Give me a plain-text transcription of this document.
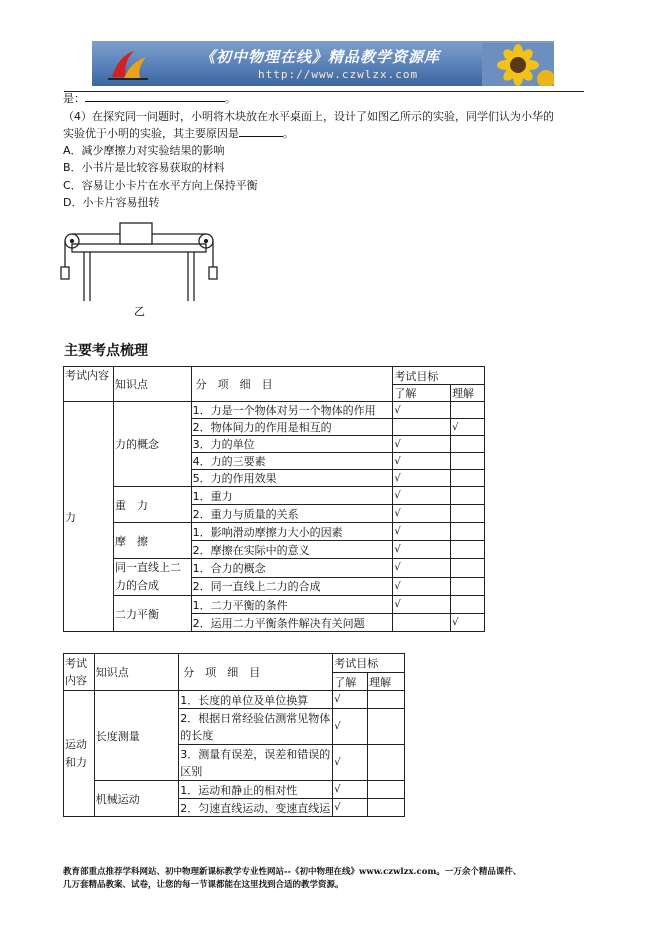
《初中物理在线》精品教学资源库
http://www.czwlzx.com
是：	。
（4）在探究同一问题时，小明将木块放在水平桌面上，设计了如图乙所示的实验，同学们认为小华的
实验优于小明的实验，其主要原因是	。
A．减少摩擦力对实验结果的影响
B．小书片是比较容易获取的材料
C．容易让小卡片在水平方向上保持平衡
D．小卡片容易扭转
乙
主要考点梳理
考试内容	知识点	分　项　细　目	考试目标	
			了解	理解
力	力的概念	1．力是一个物体对另一个物体的作用	√	
		2．物体间力的作用是相互的		√
		3．力的单位	√	
		4．力的三要素	√	
		5．力的作用效果	√	
	重　力	1．重力	√	
		2．重力与质量的关系	√	
	摩　擦	1．影响滑动摩擦力大小的因素	√	
		2．摩擦在实际中的意义	√	
	同一直线上二力的合成	1．合力的概念	√	
		2．同一直线上二力的合成	√	
	二力平衡	1．二力平衡的条件	√	
		2．运用二力平衡条件解决有关问题		√
考试内容	知识点	分　项　细　目	考试目标	
			了解	理解
运动和力	长度测量	1．长度的单位及单位换算	√	
		2．根据日常经验估测常见物体的长度	√	
		3．测量有误差，误差和错误的区别	√	
	机械运动	1．运动和静止的相对性	√	
		2．匀速直线运动、变速直线运	√	
教育部重点推荐学科网站、初中物理新课标教学专业性网站--《初中物理在线》www.czwlzx.com。一万余个精品课件、
几万套精品教案、试卷，让您的每一节课都能在这里找到合适的教学资源。
